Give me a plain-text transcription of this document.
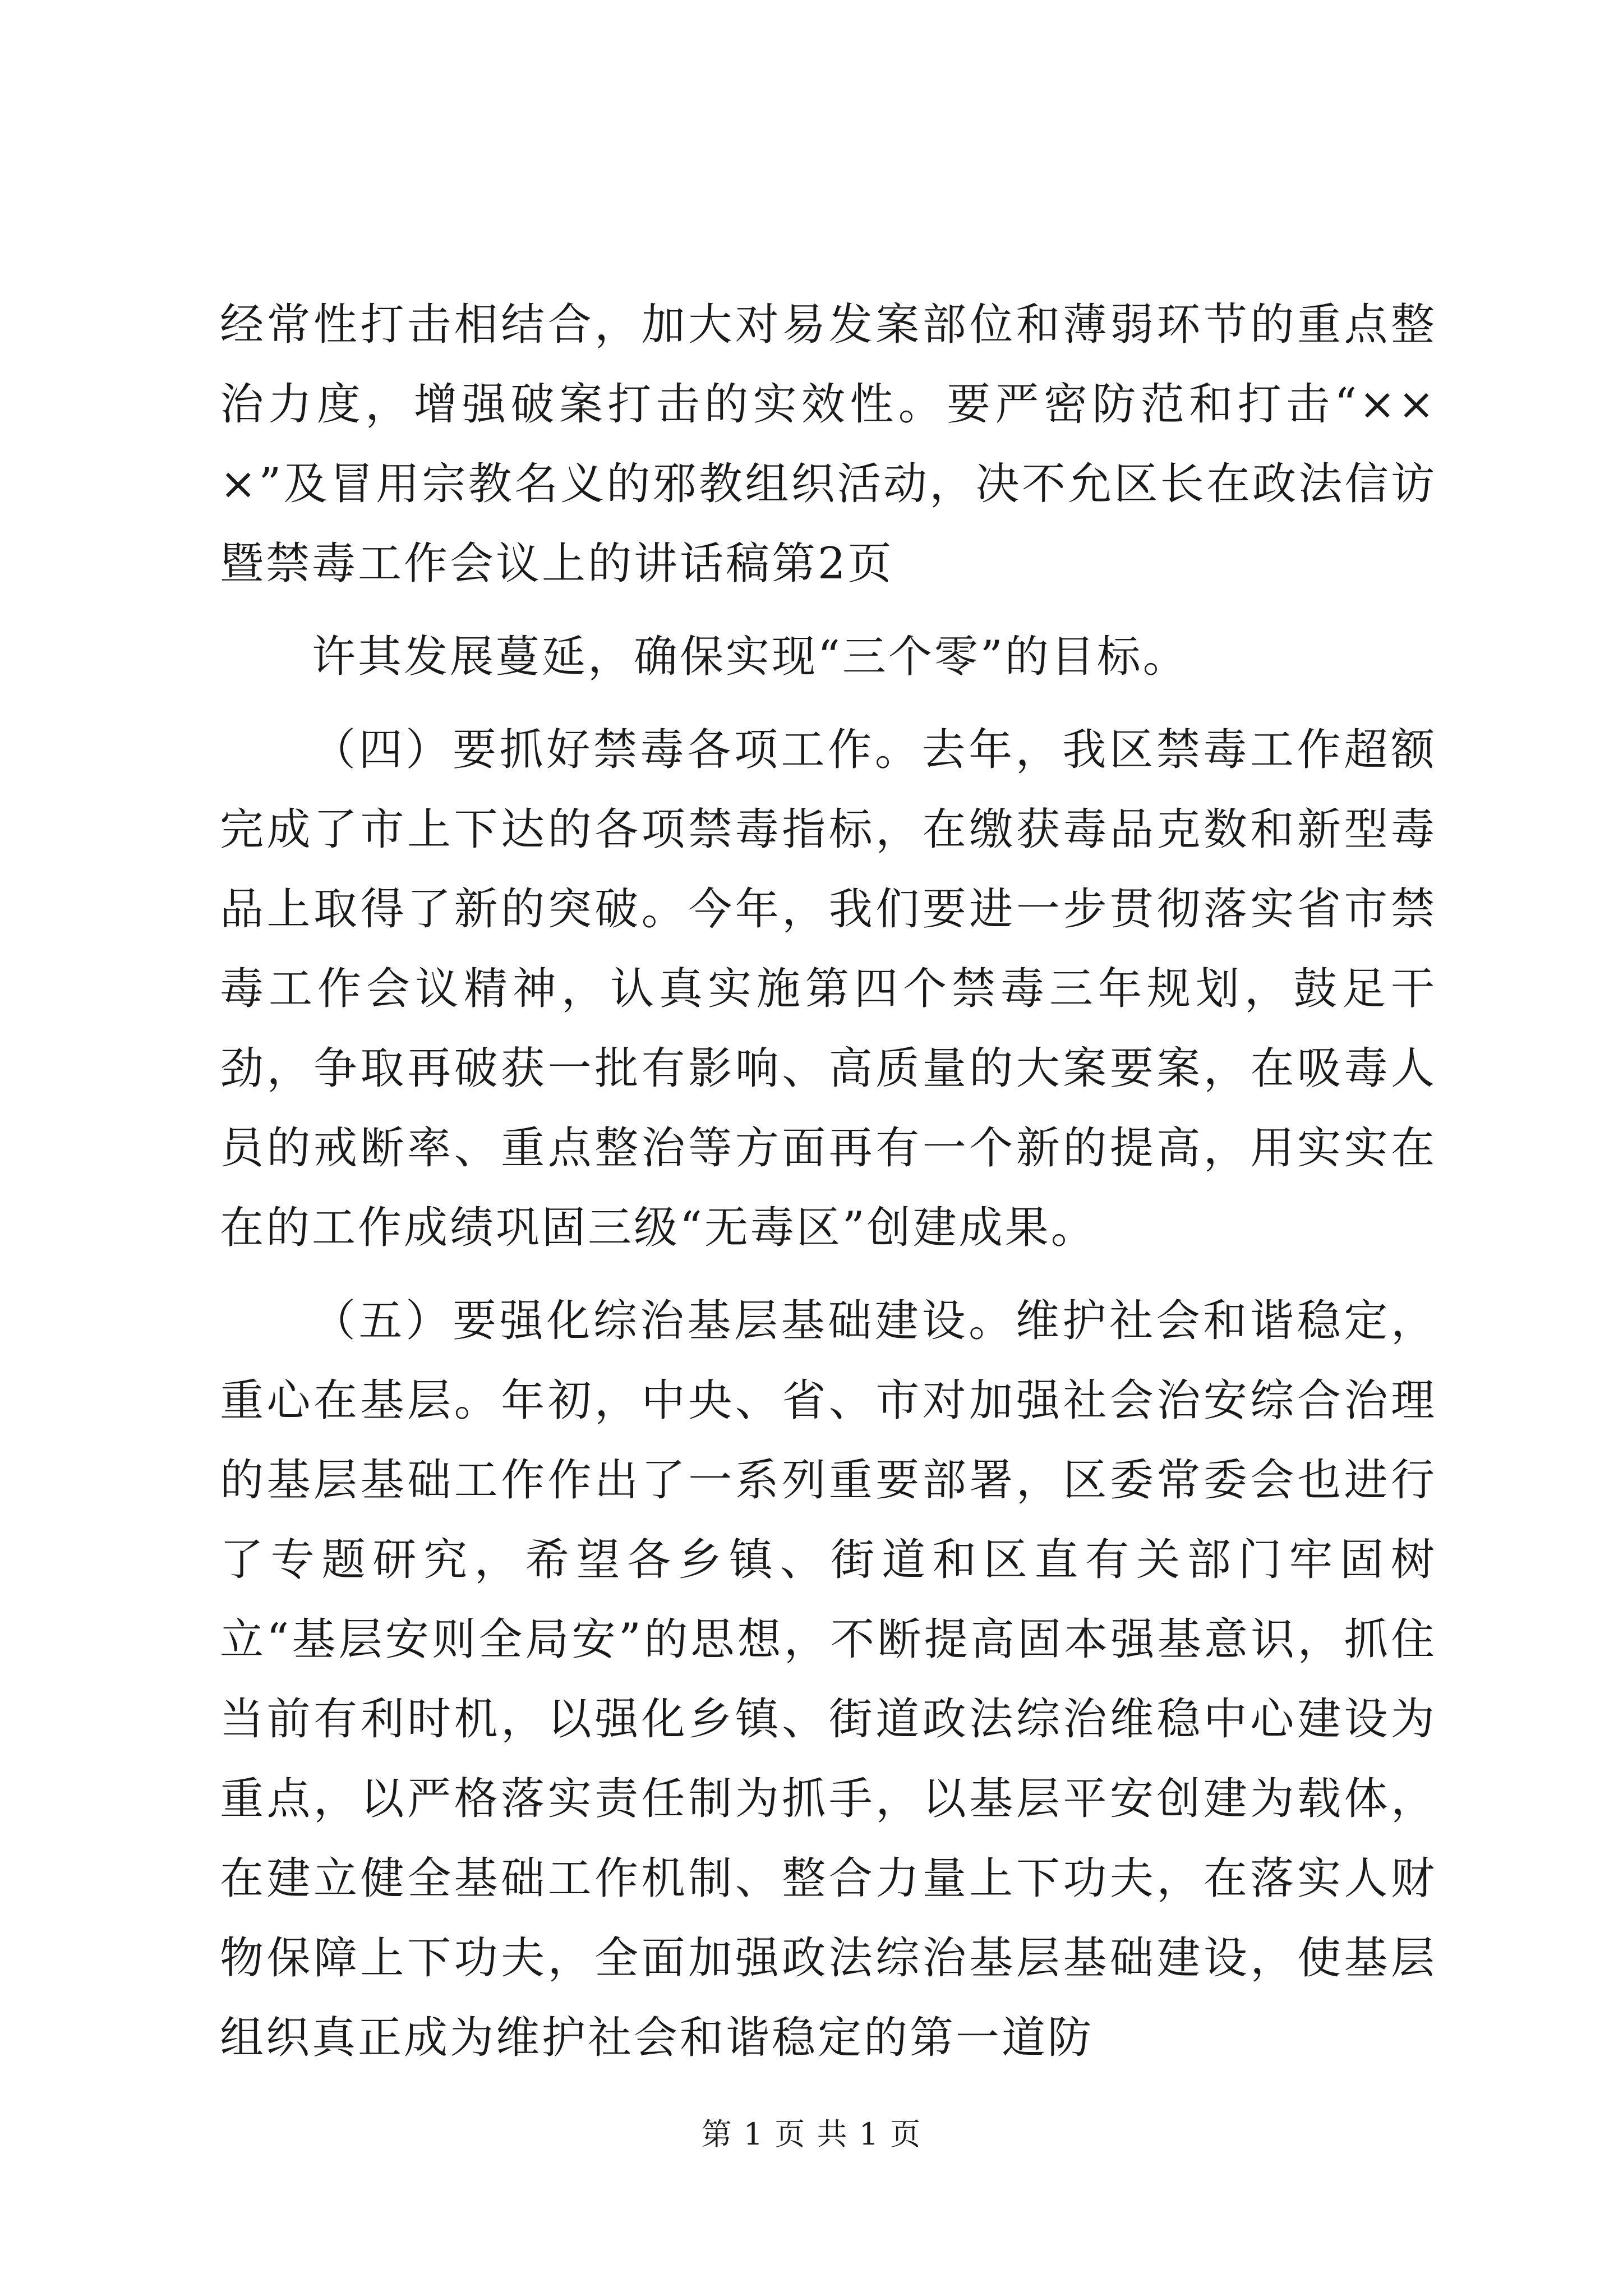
经常性打击相结合，加大对易发案部位和薄弱环节的重点整治力度，增强破案打击的实效性。要严密防范和打击“×××”及冒用宗教名义的邪教组织活动，决不允区长在政法信访暨禁毒工作会议上的讲话稿第2页

许其发展蔓延，确保实现“三个零”的目标。

（四）要抓好禁毒各项工作。去年，我区禁毒工作超额完成了市上下达的各项禁毒指标，在缴获毒品克数和新型毒品上取得了新的突破。今年，我们要进一步贯彻落实省市禁毒工作会议精神，认真实施第四个禁毒三年规划，鼓足干劲，争取再破获一批有影响、高质量的大案要案，在吸毒人员的戒断率、重点整治等方面再有一个新的提高，用实实在在的工作成绩巩固三级“无毒区”创建成果。

（五）要强化综治基层基础建设。维护社会和谐稳定，重心在基层。年初，中央、省、市对加强社会治安综合治理的基层基础工作作出了一系列重要部署，区委常委会也进行了专题研究，希望各乡镇、街道和区直有关部门牢固树立“基层安则全局安”的思想，不断提高固本强基意识，抓住当前有利时机，以强化乡镇、街道政法综治维稳中心建设为重点，以严格落实责任制为抓手，以基层平安创建为载体，在建立健全基础工作机制、整合力量上下功夫，在落实人财物保障上下功夫，全面加强政法综治基层基础建设，使基层组织真正成为维护社会和谐稳定的第一道防

第 1 页 共 1 页
